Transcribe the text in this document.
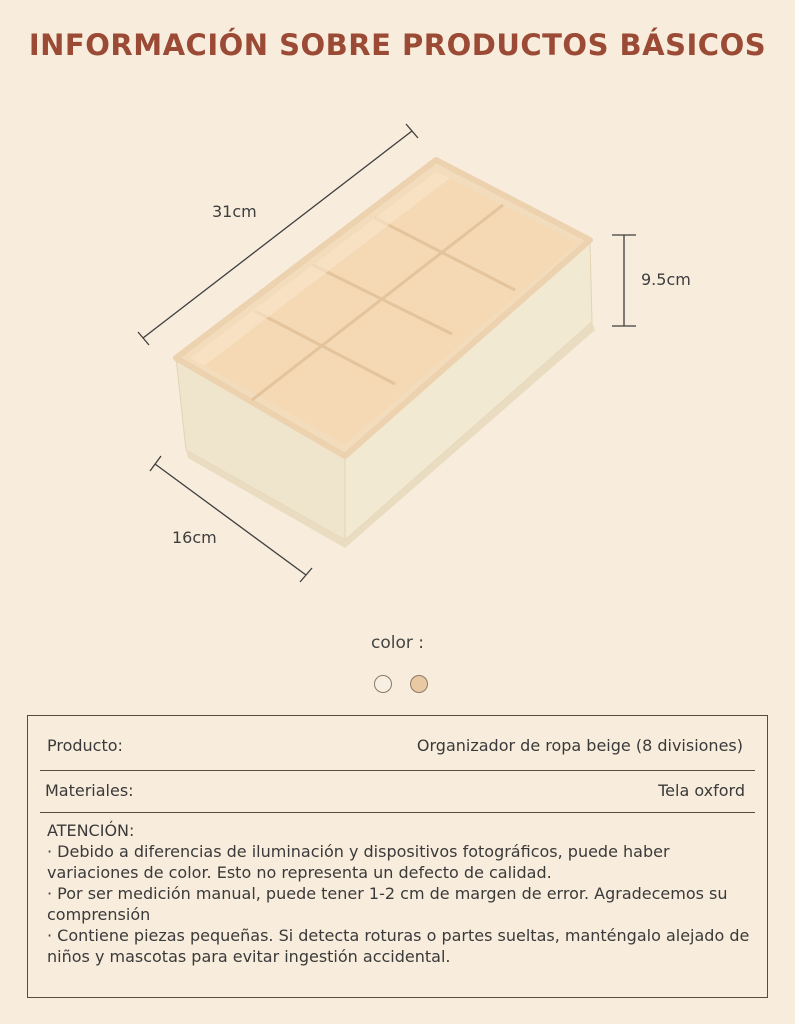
INFORMACIÓN SOBRE PRODUCTOS BÁSICOS
31cm
9.5cm
16cm
color :
Producto:	Organizador de ropa beige (8 divisiones)
Materiales:	Tela oxford

ATENCIÓN:

· Debido a diferencias de iluminación y dispositivos fotográficos, puede haber variaciones de color. Esto no representa un defecto de calidad.

· Por ser medición manual, puede tener 1-2 cm de margen de error. Agradecemos su comprensión

· Contiene piezas pequeñas. Si detecta roturas o partes sueltas, manténgalo alejado de niños y mascotas para evitar ingestión accidental.
